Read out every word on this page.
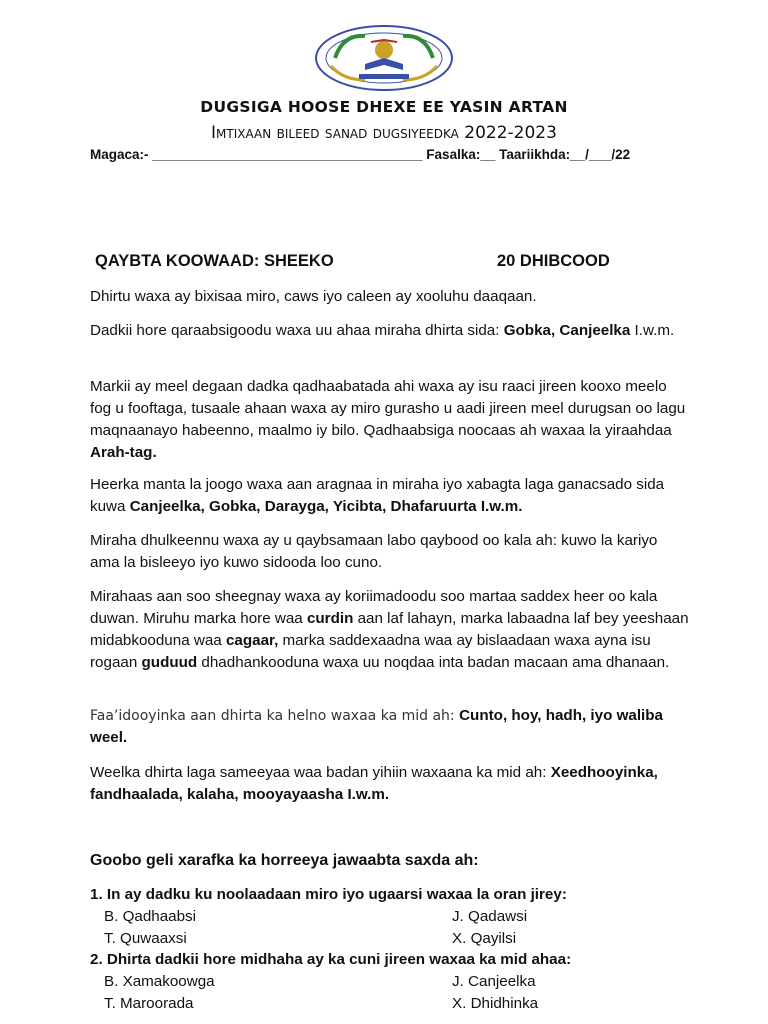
DUGSIGA HOOSE DHEXE EE YASIN ARTAN
Imtixaan bileed sanad dugsiyeedka 2022-2023
Magaca:- ____________________________________ Fasalka:__ Taariikhda:__/___/22
QAYBTA KOOWAAD: SHEEKO	20 DHIBCOOD

Dhirtu waxa ay bixisaa miro, caws iyo caleen ay xooluhu daaqaan.

Dadkii hore qaraabsigoodu waxa uu ahaa miraha dhirta sida: Gobka, Canjeelka I.w.m.

Markii ay meel degaan dadka qadhaabatada ahi waxa ay isu raaci jireen kooxo meelo fog u fooftaga, tusaale ahaan waxa ay miro gurasho u aadi jireen meel durugsan oo lagu maqnaanayo habeenno, maalmo iy bilo. Qadhaabsiga noocaas ah waxaa la yiraahdaa Arah-tag.

Heerka manta la joogo waxa aan aragnaa in miraha iyo xabagta laga ganacsado sida kuwa Canjeelka, Gobka, Darayga, Yicibta, Dhafaruurta I.w.m.

Miraha dhulkeennu waxa ay u qaybsamaan labo qaybood oo kala ah: kuwo la kariyo ama la bisleeyo iyo kuwo sidooda loo cuno.

Mirahaas aan soo sheegnay waxa ay koriimadoodu soo martaa saddex heer oo kala duwan. Miruhu marka hore waa curdin aan laf lahayn, marka labaadna laf bey yeeshaan midabkooduna waa cagaar, marka saddexaadna waa ay bislaadaan waxa ayna isu rogaan guduud dhadhankooduna waxa uu noqdaa inta badan macaan ama dhanaan.

Faa’idooyinka aan dhirta ka helno waxaa ka mid ah: Cunto, hoy, hadh, iyo waliba weel.

Weelka dhirta laga sameeyaa waa badan yihiin waxaana ka mid ah: Xeedhooyinka, fandhaalada, kalaha, mooyayaasha I.w.m.

Goobo geli xarafka ka horreeya jawaabta saxda ah:
1. In ay dadku ku noolaadaan miro iyo ugaarsi waxaa la oran jirey:
B. Qadhaabsi	J. Qadawsi
T. Quwaaxsi	X. Qayilsi
2. Dhirta dadkii hore midhaha ay ka cuni jireen waxaa ka mid ahaa:
B. Xamakoowga	J. Canjeelka
T. Maroorada	X. Dhidhinka
